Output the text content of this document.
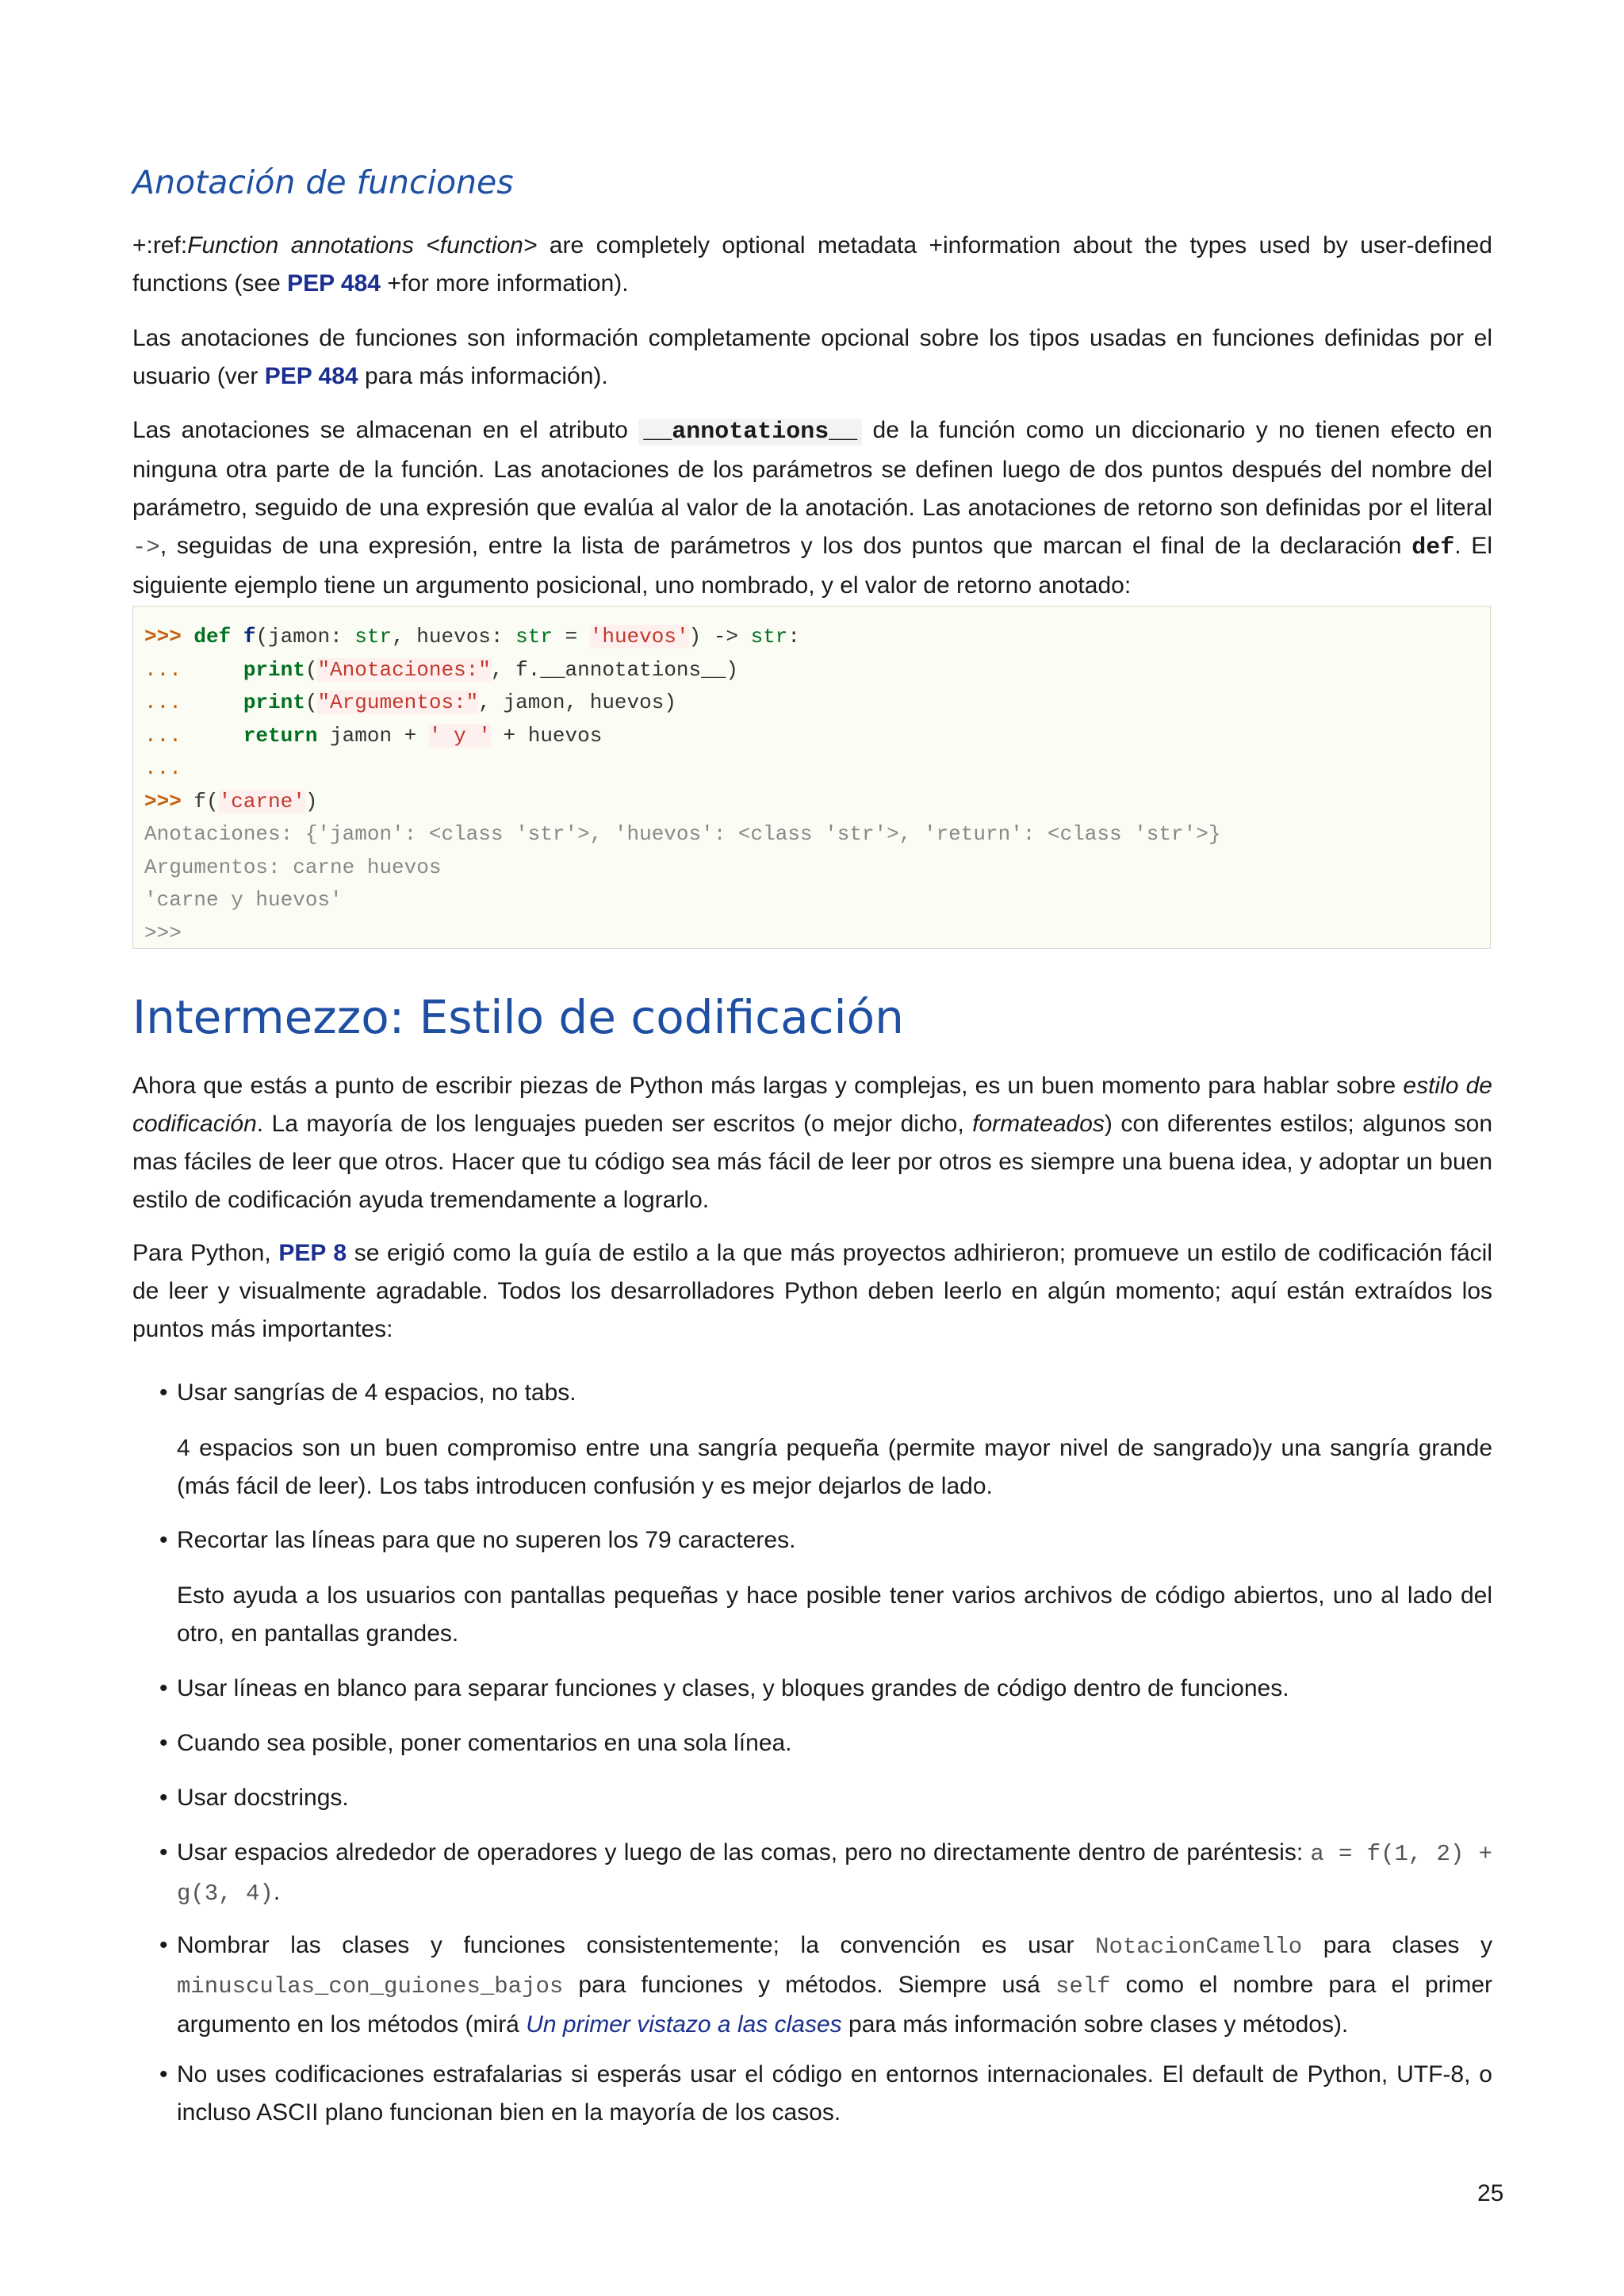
Anotación de funciones

+:ref:Function annotations <function> are completely optional metadata +information about the types used by user-defined functions (see PEP 484 +for more information).

Las anotaciones de funciones son información completamente opcional sobre los tipos usadas en funciones definidas por el usuario (ver PEP 484 para más información).

Las anotaciones se almacenan en el atributo __annotations__ de la función como un diccionario y no tienen efecto en ninguna otra parte de la función. Las anotaciones de los parámetros se definen luego de dos puntos después del nombre del parámetro, seguido de una expresión que evalúa al valor de la anotación. Las anotaciones de retorno son definidas por el literal ->, seguidas de una expresión, entre la lista de parámetros y los dos puntos que marcan el final de la declaración def. El siguiente ejemplo tiene un argumento posicional, uno nombrado, y el valor de retorno anotado:

>>> def f(jamon: str, huevos: str = 'huevos') -> str:
...     print("Anotaciones:", f.__annotations__)
...     print("Argumentos:", jamon, huevos)
...     return jamon + ' y ' + huevos
...
>>> f('carne')
Anotaciones: {'jamon': <class 'str'>, 'huevos': <class 'str'>, 'return': <class 'str'>}
Argumentos: carne huevos
'carne y huevos'
>>>
Intermezzo: Estilo de codificación

Ahora que estás a punto de escribir piezas de Python más largas y complejas, es un buen momento para hablar sobre estilo de codificación. La mayoría de los lenguajes pueden ser escritos (o mejor dicho, formateados) con diferentes estilos; algunos son mas fáciles de leer que otros. Hacer que tu código sea más fácil de leer por otros es siempre una buena idea, y adoptar un buen estilo de codificación ayuda tremendamente a lograrlo.

Para Python, PEP 8 se erigió como la guía de estilo a la que más proyectos adhirieron; promueve un estilo de codificación fácil de leer y visualmente agradable. Todos los desarrolladores Python deben leerlo en algún momento; aquí están extraídos los puntos más importantes:

• Usar sangrías de 4 espacios, no tabs.

4 espacios son un buen compromiso entre una sangría pequeña (permite mayor nivel de sangrado)y una sangría grande (más fácil de leer). Los tabs introducen confusión y es mejor dejarlos de lado.

• Recortar las líneas para que no superen los 79 caracteres.

Esto ayuda a los usuarios con pantallas pequeñas y hace posible tener varios archivos de código abiertos, uno al lado del otro, en pantallas grandes.

• Usar líneas en blanco para separar funciones y clases, y bloques grandes de código dentro de funciones.

• Cuando sea posible, poner comentarios en una sola línea.

• Usar docstrings.

• Usar espacios alrededor de operadores y luego de las comas, pero no directamente dentro de paréntesis: a = f(1, 2) + g(3, 4).

• Nombrar las clases y funciones consistentemente; la convención es usar NotacionCamello para clases y minusculas_con_guiones_bajos para funciones y métodos. Siempre usá self como el nombre para el primer argumento en los métodos (mirá Un primer vistazo a las clases para más información sobre clases y métodos).

• No uses codificaciones estrafalarias si esperás usar el código en entornos internacionales. El default de Python, UTF-8, o incluso ASCII plano funcionan bien en la mayoría de los casos.

25
